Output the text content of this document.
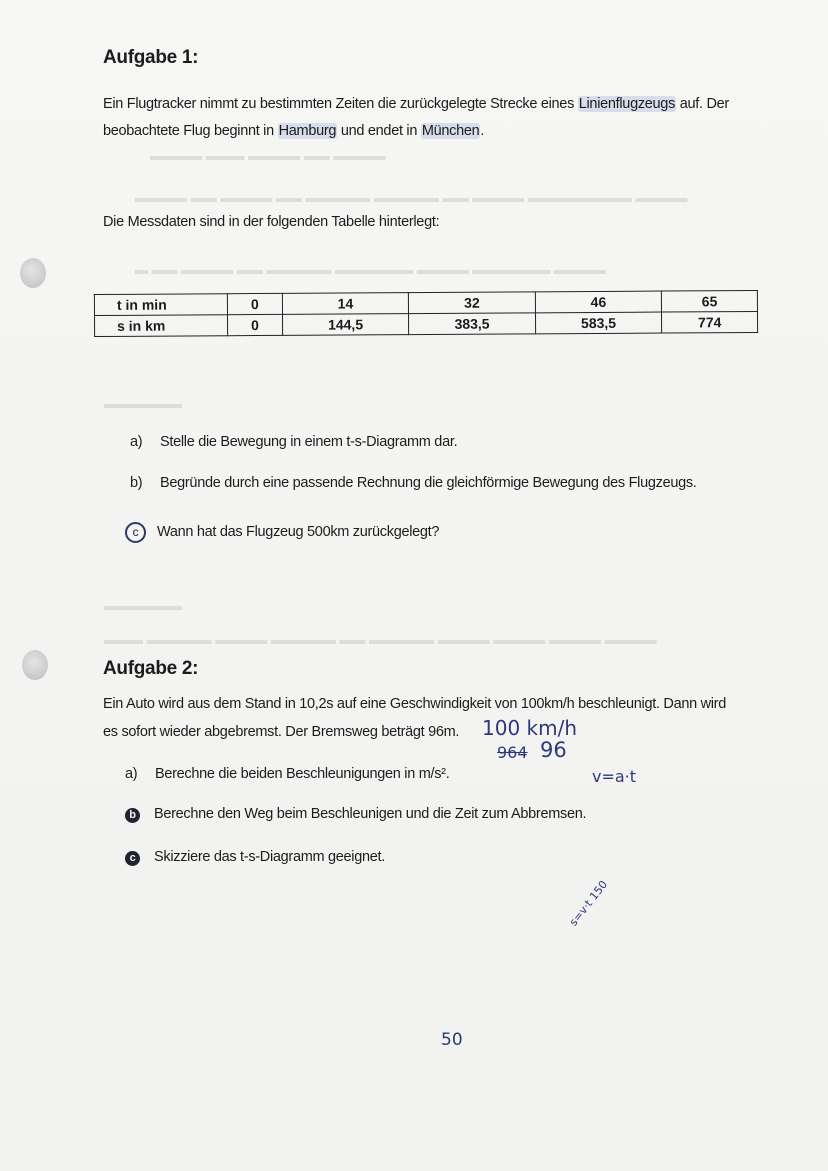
▬▬▬▬ ▬▬▬ ▬▬▬▬ ▬▬ ▬▬▬▬
▬▬▬▬ ▬▬ ▬▬▬▬ ▬▬ ▬▬▬▬▬ ▬▬▬▬▬ ▬▬ ▬▬▬▬ ▬▬▬▬▬▬▬▬ ▬▬▬▬
▬ ▬▬ ▬▬▬▬ ▬▬ ▬▬▬▬▬ ▬▬▬▬▬▬ ▬▬▬▬ ▬▬▬▬▬▬ ▬▬▬▬
▬▬▬▬▬▬
▬▬▬▬▬▬
▬▬▬ ▬▬▬▬▬ ▬▬▬▬ ▬▬▬▬▬ ▬▬ ▬▬▬▬▬ ▬▬▬▬ ▬▬▬▬ ▬▬▬▬ ▬▬▬▬
Aufgabe 1:
Ein Flugtracker nimmt zu bestimmten Zeiten die zurückgelegte Strecke eines Linienflugzeugs auf. Der
beobachtete Flug beginnt in Hamburg und endet in München.
Die Messdaten sind in der folgenden Tabelle hinterlegt:
t in min	0	14	32	46	65
s in km	0	144,5	383,5	583,5	774
a) Stelle die Bewegung in einem t-s-Diagramm dar.
b) Begründe durch eine passende Rechnung die gleichförmige Bewegung des Flugzeugs.
c Wann hat das Flugzeug 500km zurückgelegt?
Aufgabe 2:
Ein Auto wird aus dem Stand in 10,2s auf eine Geschwindigkeit von 100km/h beschleunigt. Dann wird
es sofort wieder abgebremst. Der Bremsweg beträgt 96m.
a) Berechne die beiden Beschleunigungen in m/s².
b Berechne den Weg beim Beschleunigen und die Zeit zum Abbremsen.
c Skizziere das t-s-Diagramm geeignet.
100 km/h
964 96
v=a·t
s=v·t 150
50
